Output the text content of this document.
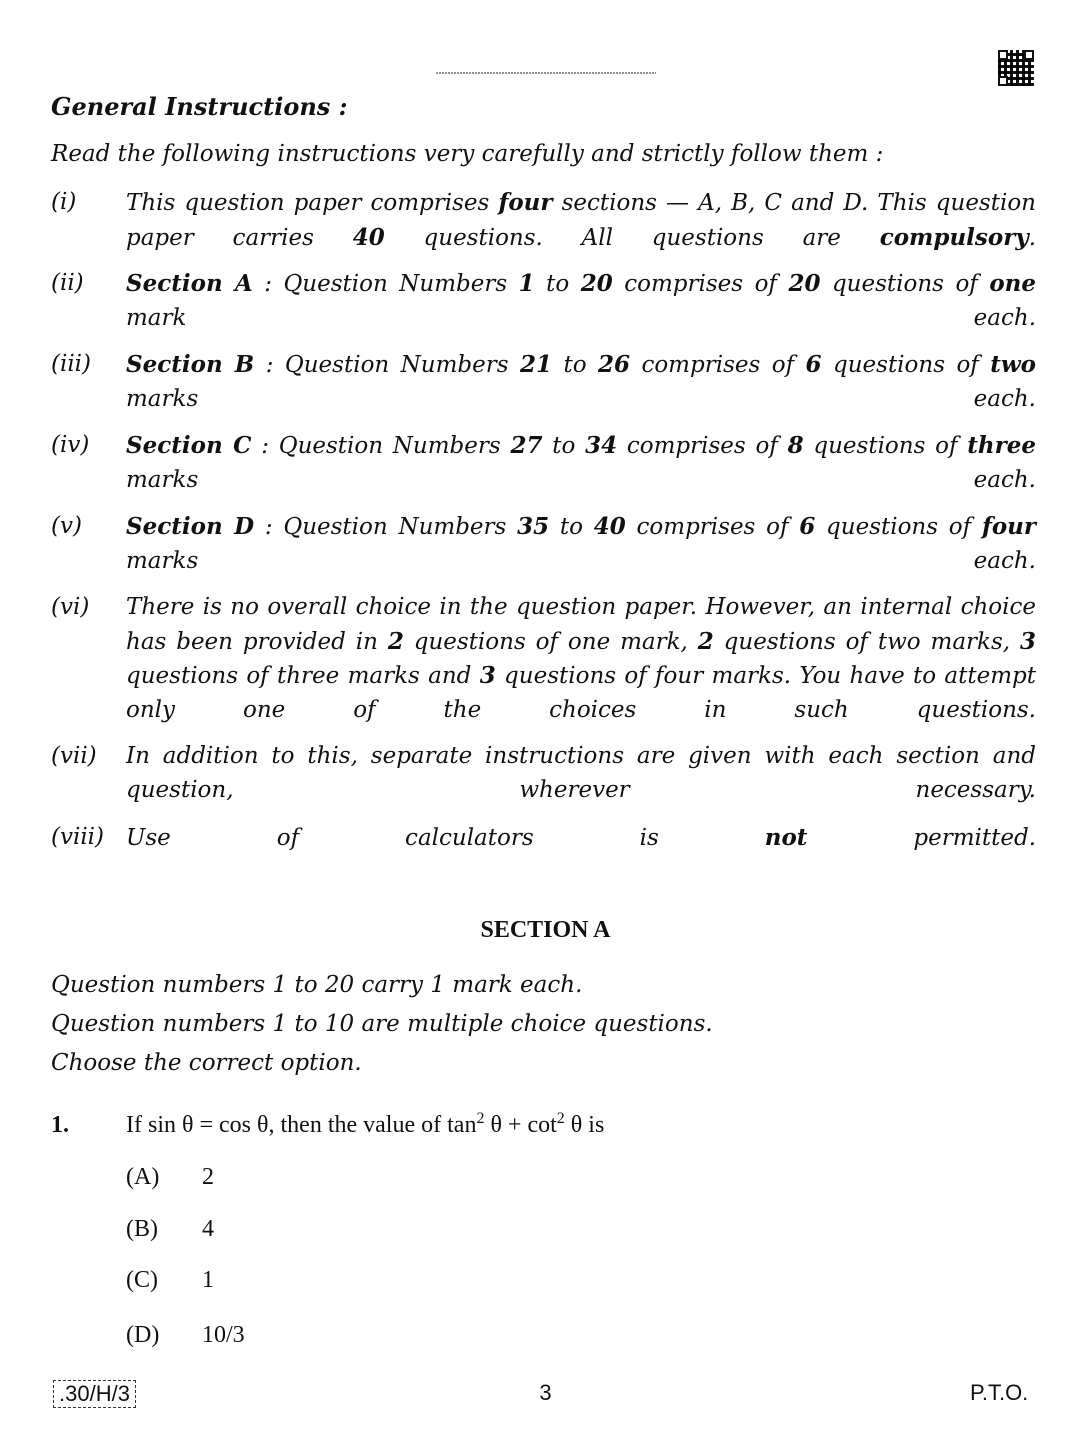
General Instructions :
Read the following instructions very carefully and strictly follow them :
(i) This question paper comprises four sections — A, B, C and D. This question paper carries 40 questions. All questions are compulsory.
(ii) Section A : Question Numbers 1 to 20 comprises of 20 questions of one mark each.
(iii) Section B : Question Numbers 21 to 26 comprises of 6 questions of two marks each.
(iv) Section C : Question Numbers 27 to 34 comprises of 8 questions of three marks each.
(v) Section D : Question Numbers 35 to 40 comprises of 6 questions of four marks each.
(vi) There is no overall choice in the question paper. However, an internal choice has been provided in 2 questions of one mark, 2 questions of two marks, 3 questions of three marks and 3 questions of four marks. You have to attempt only one of the choices in such questions.
(vii) In addition to this, separate instructions are given with each section and question, wherever necessary.
(viii) Use of calculators is not permitted.
SECTION A
Question numbers 1 to 20 carry 1 mark each.
Question numbers 1 to 10 are multiple choice questions.
Choose the correct option.
1. If sin θ = cos θ, then the value of $\tan^2 \theta + \cot^2 \theta$ is
(A) 2
(B) 4
(C) 1
(D) 10/3
.30/H/3	3	P.T.O.
